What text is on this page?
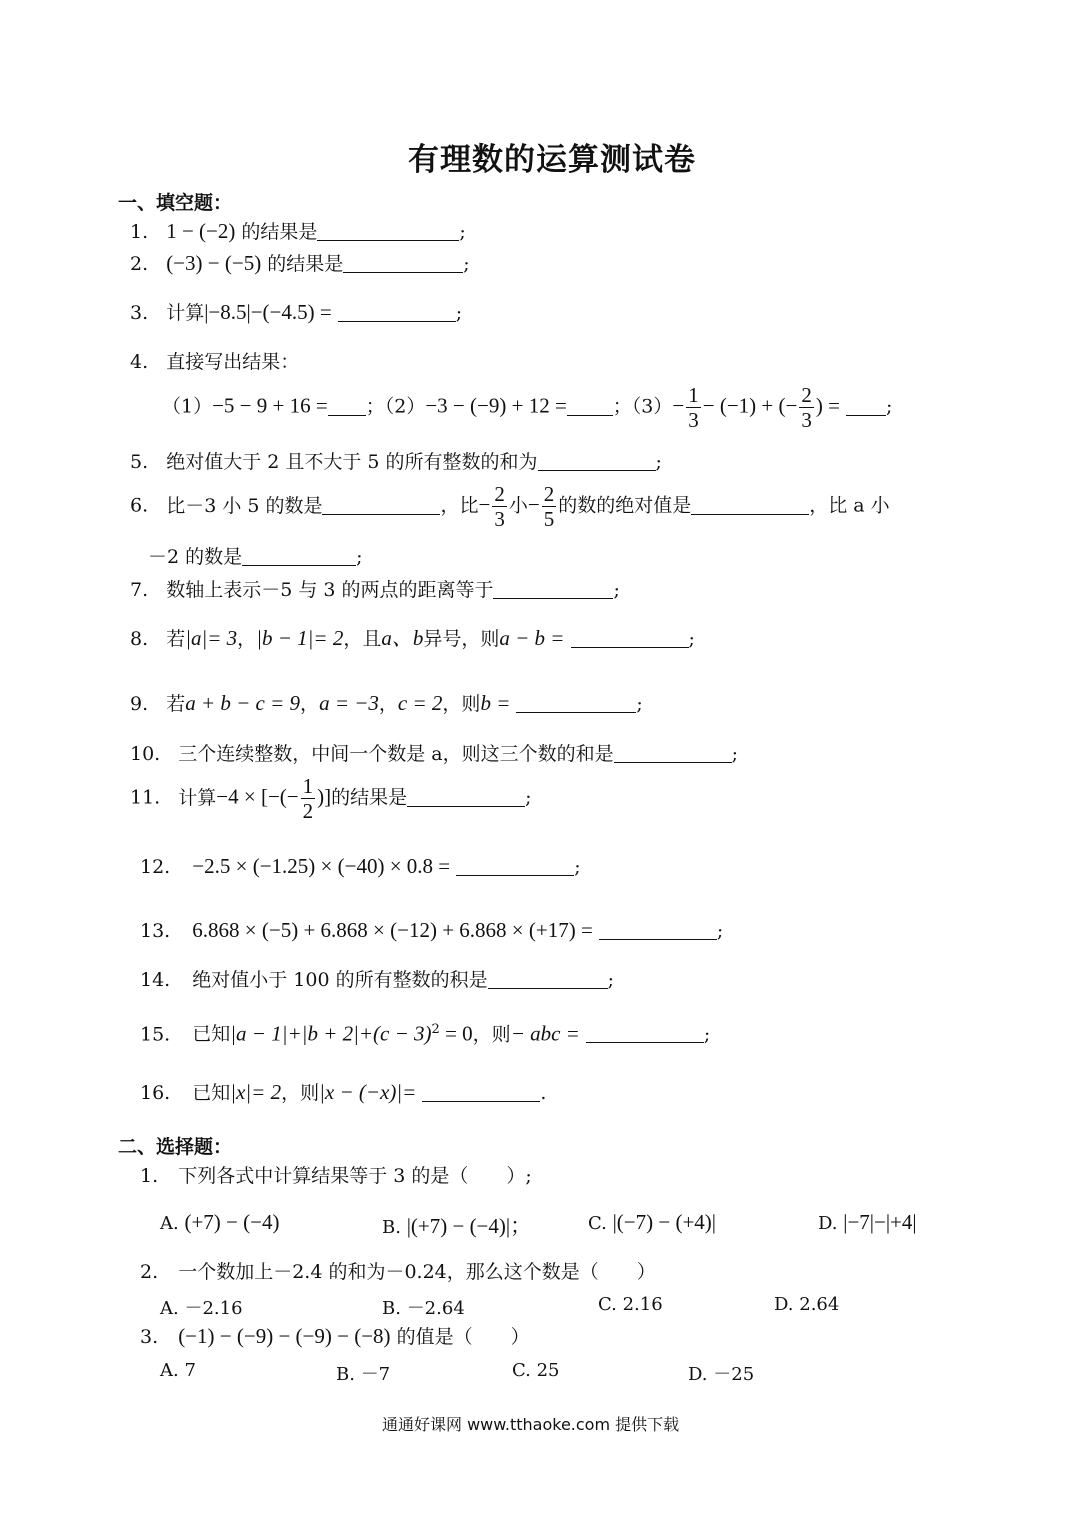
有理数的运算测试卷
一、填空题：
1. 1 − (−2) 的结果是	;
2. (−3) − (−5) 的结果是	;
3. 计算|−8.5|−(−4.5) =	;
4. 直接写出结果：
（1）−5 − 9 + 16 = ；（2）−3 − (−9) + 12 = ；$(3)- \frac{1}{3} - (-1)$ + (− $\frac{2}{3}$ ) = ;
5. 绝对值大于 2 且不大于 5 的所有整数的和为	;
6. 比－3 小 5 的数是	，比− $\frac{2}{3}$ 小− $\frac{2}{5}$ 的数的绝对值是	，比 a 小
－2 的数是	;
7. 数轴上表示－5 与 3 的两点的距离等于	;
8. 若|a|= 3，|b − 1|= 2，且a、b异号，则a − b =	;
9. 若a + b − c = 9，a = −3，c = 2，则b =	;
10. 三个连续整数，中间一个数是 a，则这三个数的和是	;
11. 计算−4 × [−(− $\frac{1}{2}$ )]的结果是	;
12. −2.5 × (−1.25) × (−40) × 0.8 =	;
13. 6.868 × (−5) + 6.868 × (−12) + 6.868 × (+17) =	;
14. 绝对值小于 100 的所有整数的积是	;
15. 已知$|a - 1|+|b + 2|+(c - 3)^2 = 0$，则− abc =	;
16. 已知|x|= 2，则|x − (−x)|=	.
二、选择题：
1. 下列各式中计算结果等于 3 的是（　　）;
A. (+7) − (−4)	B. |(+7) − (−4)|；	C. |(−7) − (+4)|	D. |−7|−|+4|
2. 一个数加上－2.4 的和为－0.24，那么这个数是（　　）
A. －2.16	B. －2.64	C. 2.16	D. 2.64
3. (−1) − (−9) − (−9) − (−8) 的值是（　　）
A. 7	B. －7	C. 25	D. －25
通通好课网 www.tthaoke.com 提供下载
